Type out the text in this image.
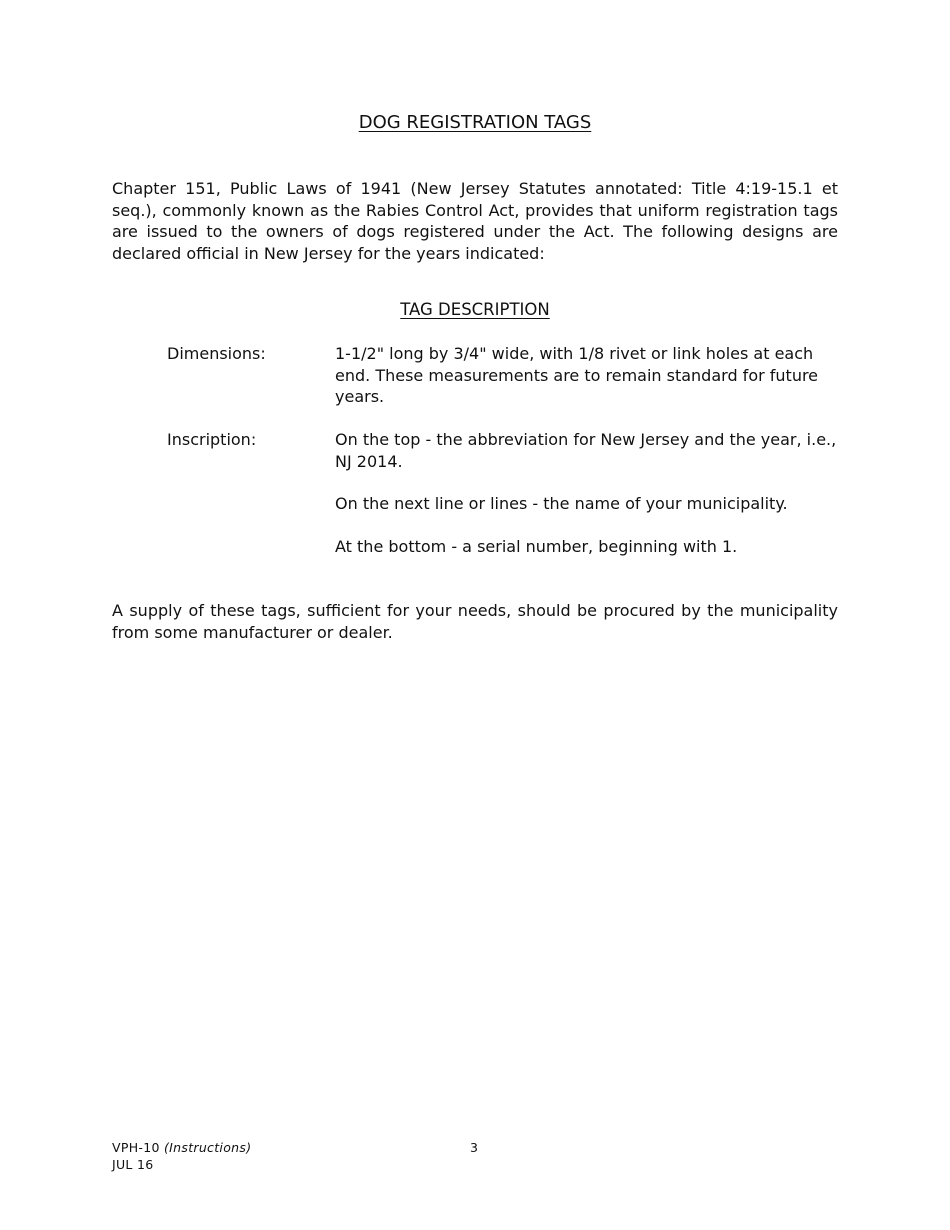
DOG REGISTRATION TAGS

Chapter 151, Public Laws of 1941 (New Jersey Statutes annotated: Title 4:19-15.1 et seq.), commonly known as the Rabies Control Act, provides that uniform registration tags are issued to the owners of dogs registered under the Act. The following designs are declared official in New Jersey for the years indicated:

TAG DESCRIPTION
Dimensions:	1-1/2" long by 3/4" wide, with 1/8 rivet or link holes at each end. These measurements are to remain standard for future years.

Inscription:	On the top - the abbreviation for New Jersey and the year, i.e., NJ 2014.

On the next line or lines - the name of your municipality.

At the bottom - a serial number, beginning with 1.

A supply of these tags, sufficient for your needs, should be procured by the municipality from some manufacturer or dealer.

VPH-10 (Instructions)
JUL 16
3
